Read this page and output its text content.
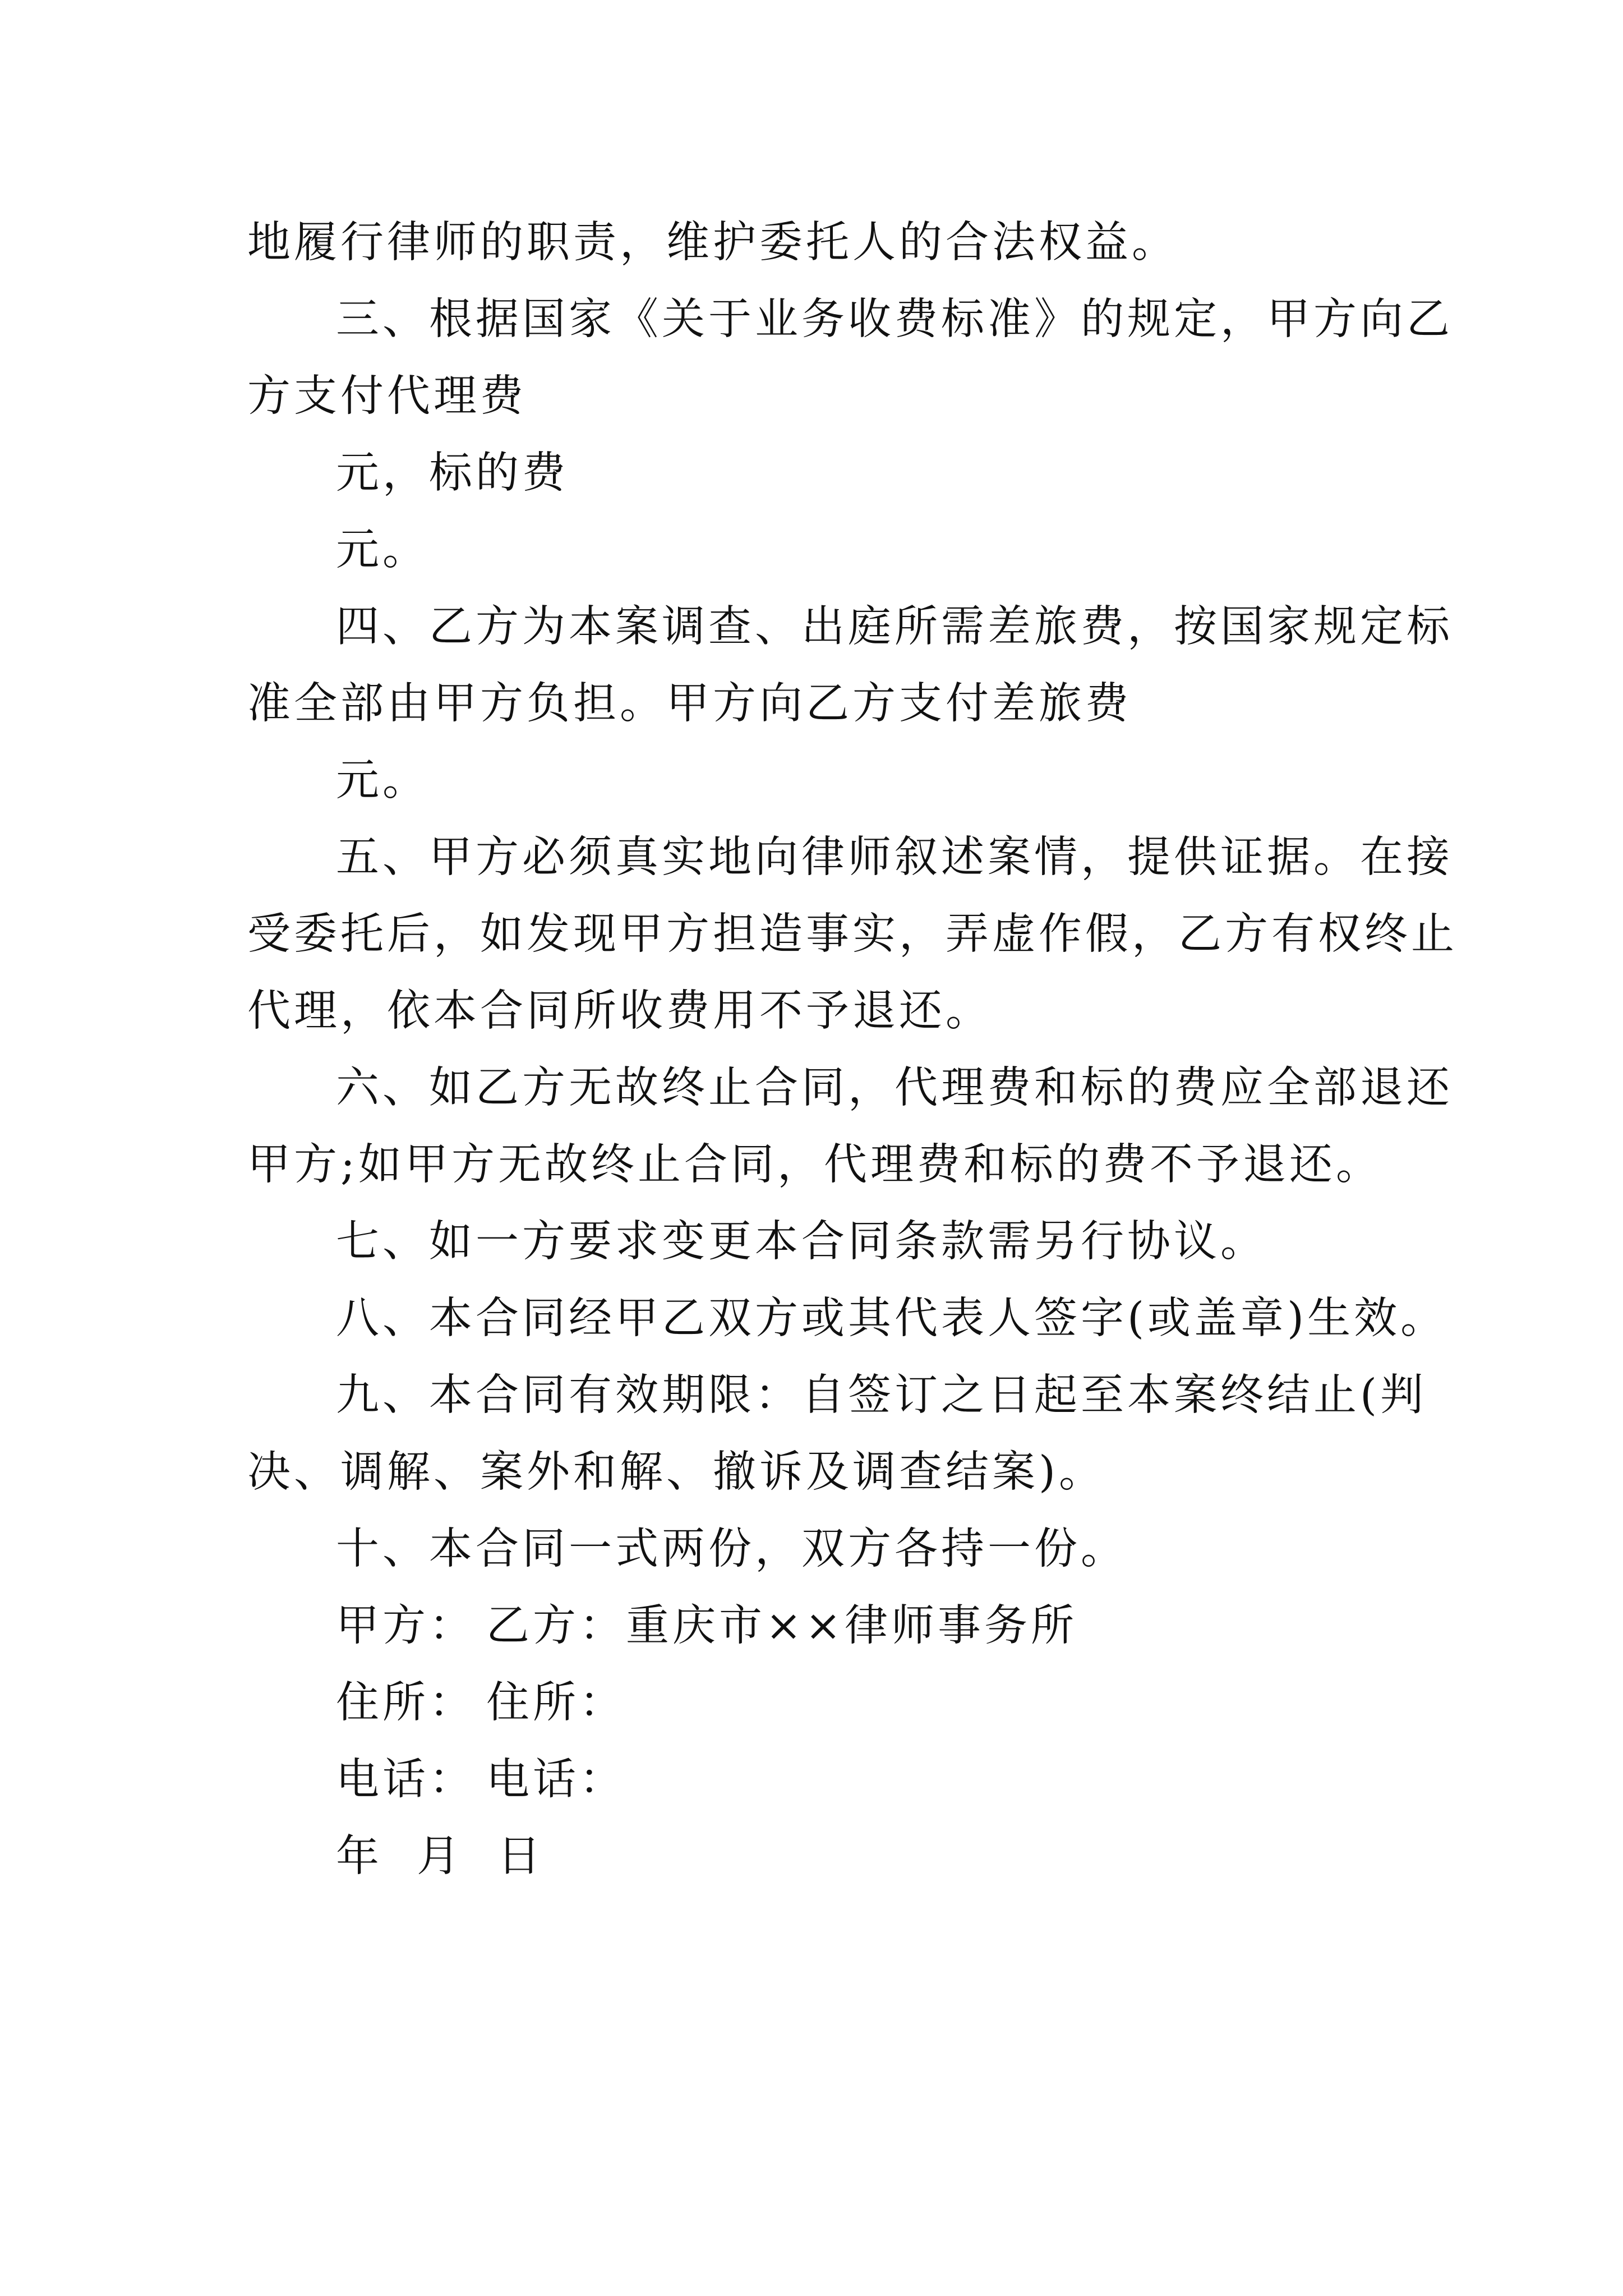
地履行律师的职责，维护委托人的合法权益。
三、根据国家《关于业务收费标准》的规定，甲方向乙
方支付代理费
元，标的费
元。
四、乙方为本案调查、出庭所需差旅费，按国家规定标
准全部由甲方负担。甲方向乙方支付差旅费
元。
五、甲方必须真实地向律师叙述案情，提供证据。在接
受委托后，如发现甲方担造事实，弄虚作假，乙方有权终止
代理，依本合同所收费用不予退还。
六、如乙方无故终止合同，代理费和标的费应全部退还
甲方;如甲方无故终止合同，代理费和标的费不予退还。
七、如一方要求变更本合同条款需另行协议。
八、本合同经甲乙双方或其代表人签字(或盖章)生效。
九、本合同有效期限：自签订之日起至本案终结止(判
决、调解、案外和解、撤诉及调查结案)。
十、本合同一式两份，双方各持一份。
甲方： 乙方：重庆市××律师事务所
住所： 住所：
电话： 电话：
年  月  日
